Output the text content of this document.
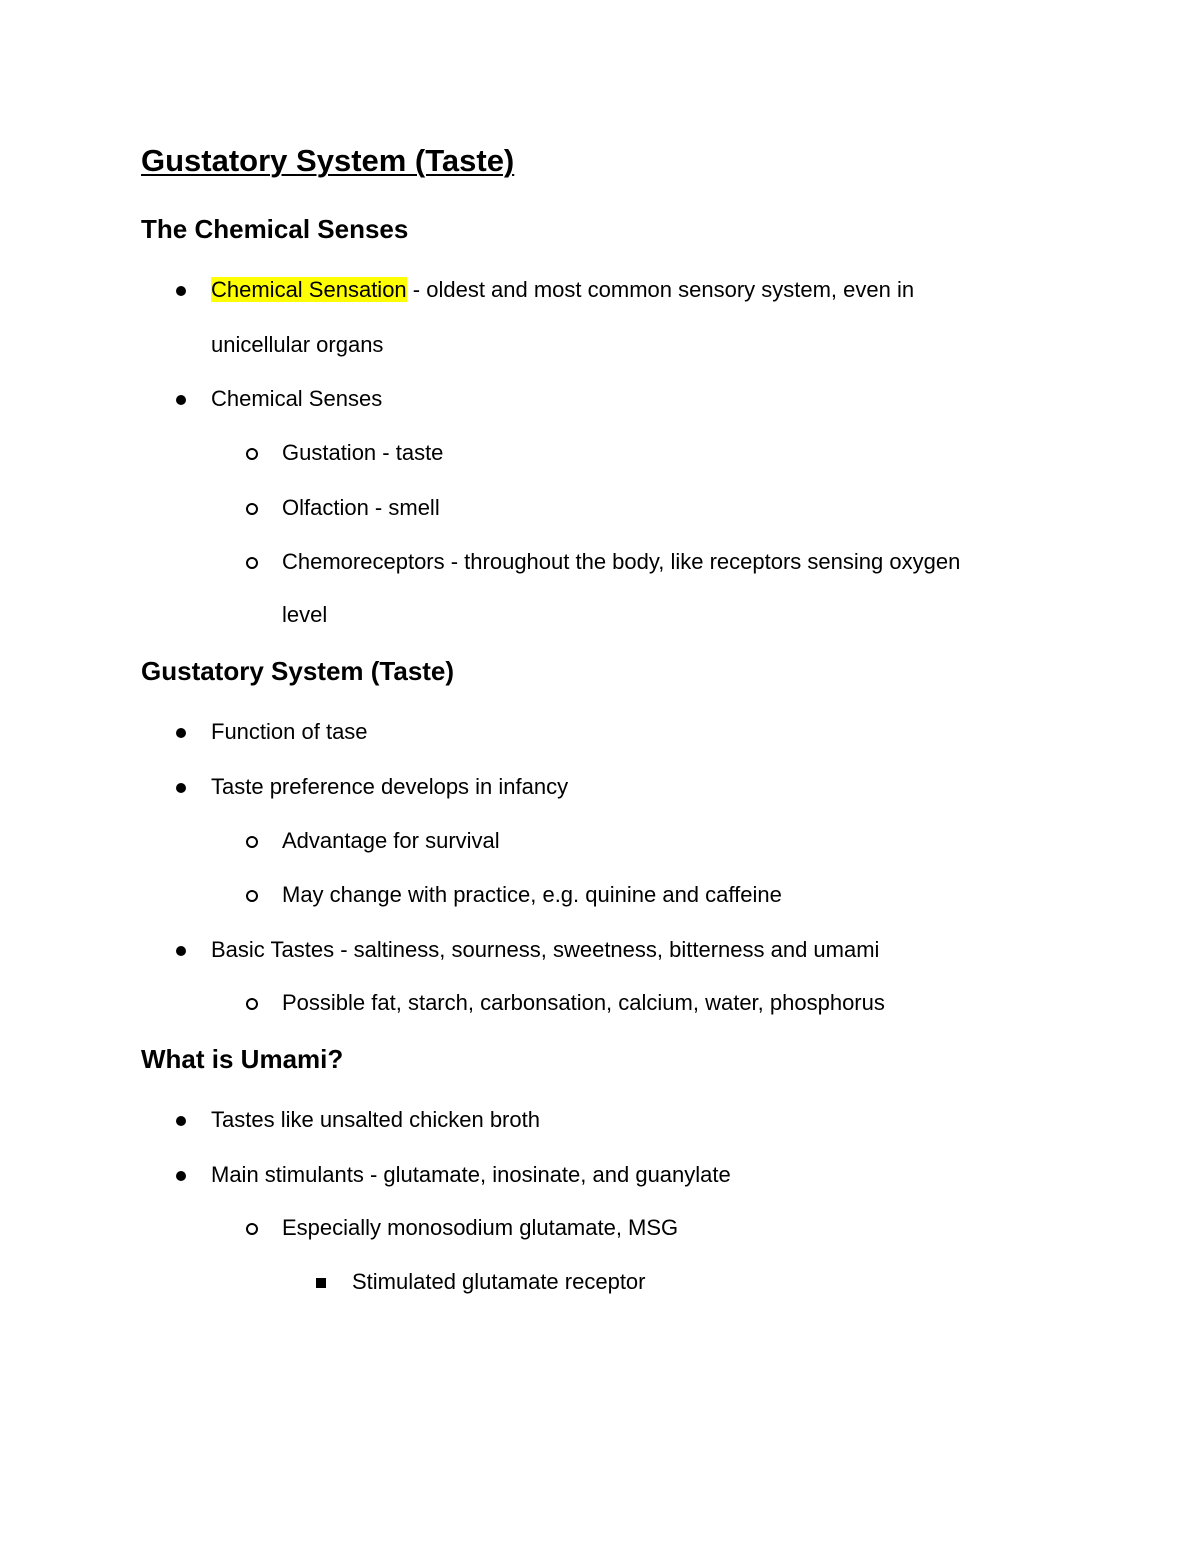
Gustatory System (Taste)
The Chemical Senses
Chemical Sensation - oldest and most common sensory system, even in
unicellular organs
Chemical Senses
Gustation - taste
Olfaction - smell
Chemoreceptors - throughout the body, like receptors sensing oxygen
level
Gustatory System (Taste)
Function of tase
Taste preference develops in infancy
Advantage for survival
May change with practice, e.g. quinine and caffeine
Basic Tastes - saltiness, sourness, sweetness, bitterness and umami
Possible fat, starch, carbonsation, calcium, water, phosphorus
What is Umami?
Tastes like unsalted chicken broth
Main stimulants - glutamate, inosinate, and guanylate
Especially monosodium glutamate, MSG
Stimulated glutamate receptor
